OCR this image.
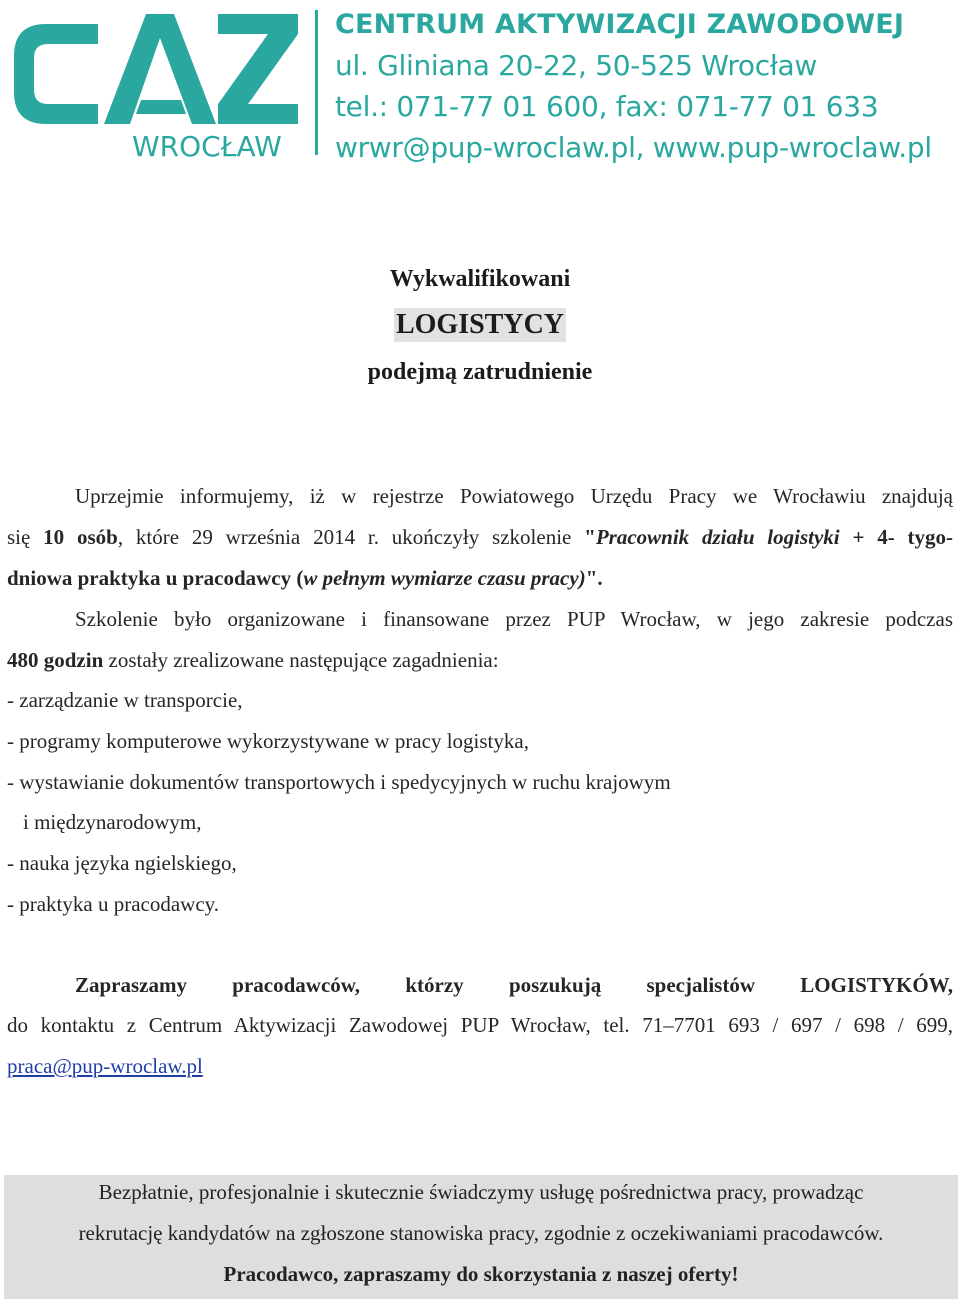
WROCŁAW
CENTRUM AKTYWIZACJI ZAWODOWEJ
ul. Gliniana 20-22, 50-525 Wrocław
tel.: 071-77 01 600, fax: 071-77 01 633
wrwr@pup-wroclaw.pl, www.pup-wroclaw.pl
Wykwalifikowani
LOGISTYCY
podejmą zatrudnienie
Uprzejmie informujemy, iż w rejestrze Powiatowego Urzędu Pracy we Wrocławiu znajdują
się 10 osób, które 29 września 2014 r. ukończyły szkolenie "Pracownik działu logistyki + 4- tygo-
dniowa praktyka u pracodawcy (w pełnym wymiarze czasu pracy)".
Szkolenie było organizowane i finansowane przez PUP Wrocław, w jego zakresie podczas
480 godzin zostały zrealizowane następujące zagadnienia:
- zarządzanie w transporcie,
- programy komputerowe wykorzystywane w pracy logistyka,
- wystawianie dokumentów transportowych i spedycyjnych w ruchu krajowym
i międzynarodowym,
- nauka języka ngielskiego,
- praktyka u pracodawcy.
Zapraszamy pracodawców, którzy poszukują specjalistów LOGISTYKÓW,
do kontaktu z Centrum Aktywizacji Zawodowej PUP Wrocław, tel. 71–7701 693 / 697 / 698 / 699,
praca@pup-wroclaw.pl
Bezpłatnie, profesjonalnie i skutecznie świadczymy usługę pośrednictwa pracy, prowadząc
rekrutację kandydatów na zgłoszone stanowiska pracy, zgodnie z oczekiwaniami pracodawców.
Pracodawco, zapraszamy do skorzystania z naszej oferty!
